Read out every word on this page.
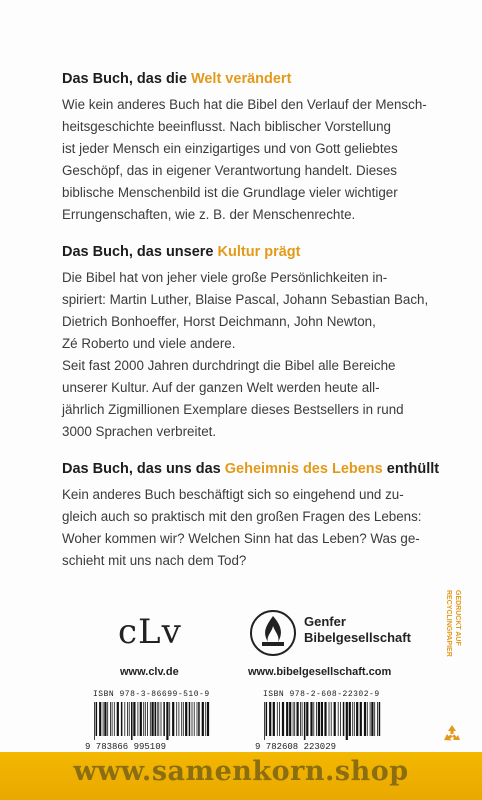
Das Buch, das die Welt verändert

Wie kein anderes Buch hat die Bibel den Verlauf der Mensch-

heitsgeschichte beeinflusst. Nach biblischer Vorstellung

ist jeder Mensch ein einzigartiges und von Gott geliebtes

Geschöpf, das in eigener Verantwortung handelt. Dieses

biblische Menschenbild ist die Grundlage vieler wichtiger

Errungenschaften, wie z. B. der Menschenrechte.

Das Buch, das unsere Kultur prägt

Die Bibel hat von jeher viele große Persönlichkeiten in-

spiriert: Martin Luther, Blaise Pascal, Johann Sebastian Bach,

Dietrich Bonhoeffer, Horst Deichmann, John Newton,

Zé Roberto und viele andere.

Seit fast 2000 Jahren durchdringt die Bibel alle Bereiche

unserer Kultur. Auf der ganzen Welt werden heute all-

jährlich Zigmillionen Exemplare dieses Bestsellers in rund

3000 Sprachen verbreitet.

Das Buch, das uns das Geheimnis des Lebens enthüllt

Kein anderes Buch beschäftigt sich so eingehend und zu-

gleich auch so praktisch mit den großen Fragen des Lebens:

Woher kommen wir? Welchen Sinn hat das Leben? Was ge-

schieht mit uns nach dem Tod?

cLv
www.clv.de
Genfer
Bibelgesellschaft
www.bibelgesellschaft.com
ISBN 978-3-86699-510-9
9 783866 995109
ISBN 978-2-608-22302-9
9 782608 223029
GEDRUCKT AUF
RECYCLINGPAPIER
www.samenkorn.shop
